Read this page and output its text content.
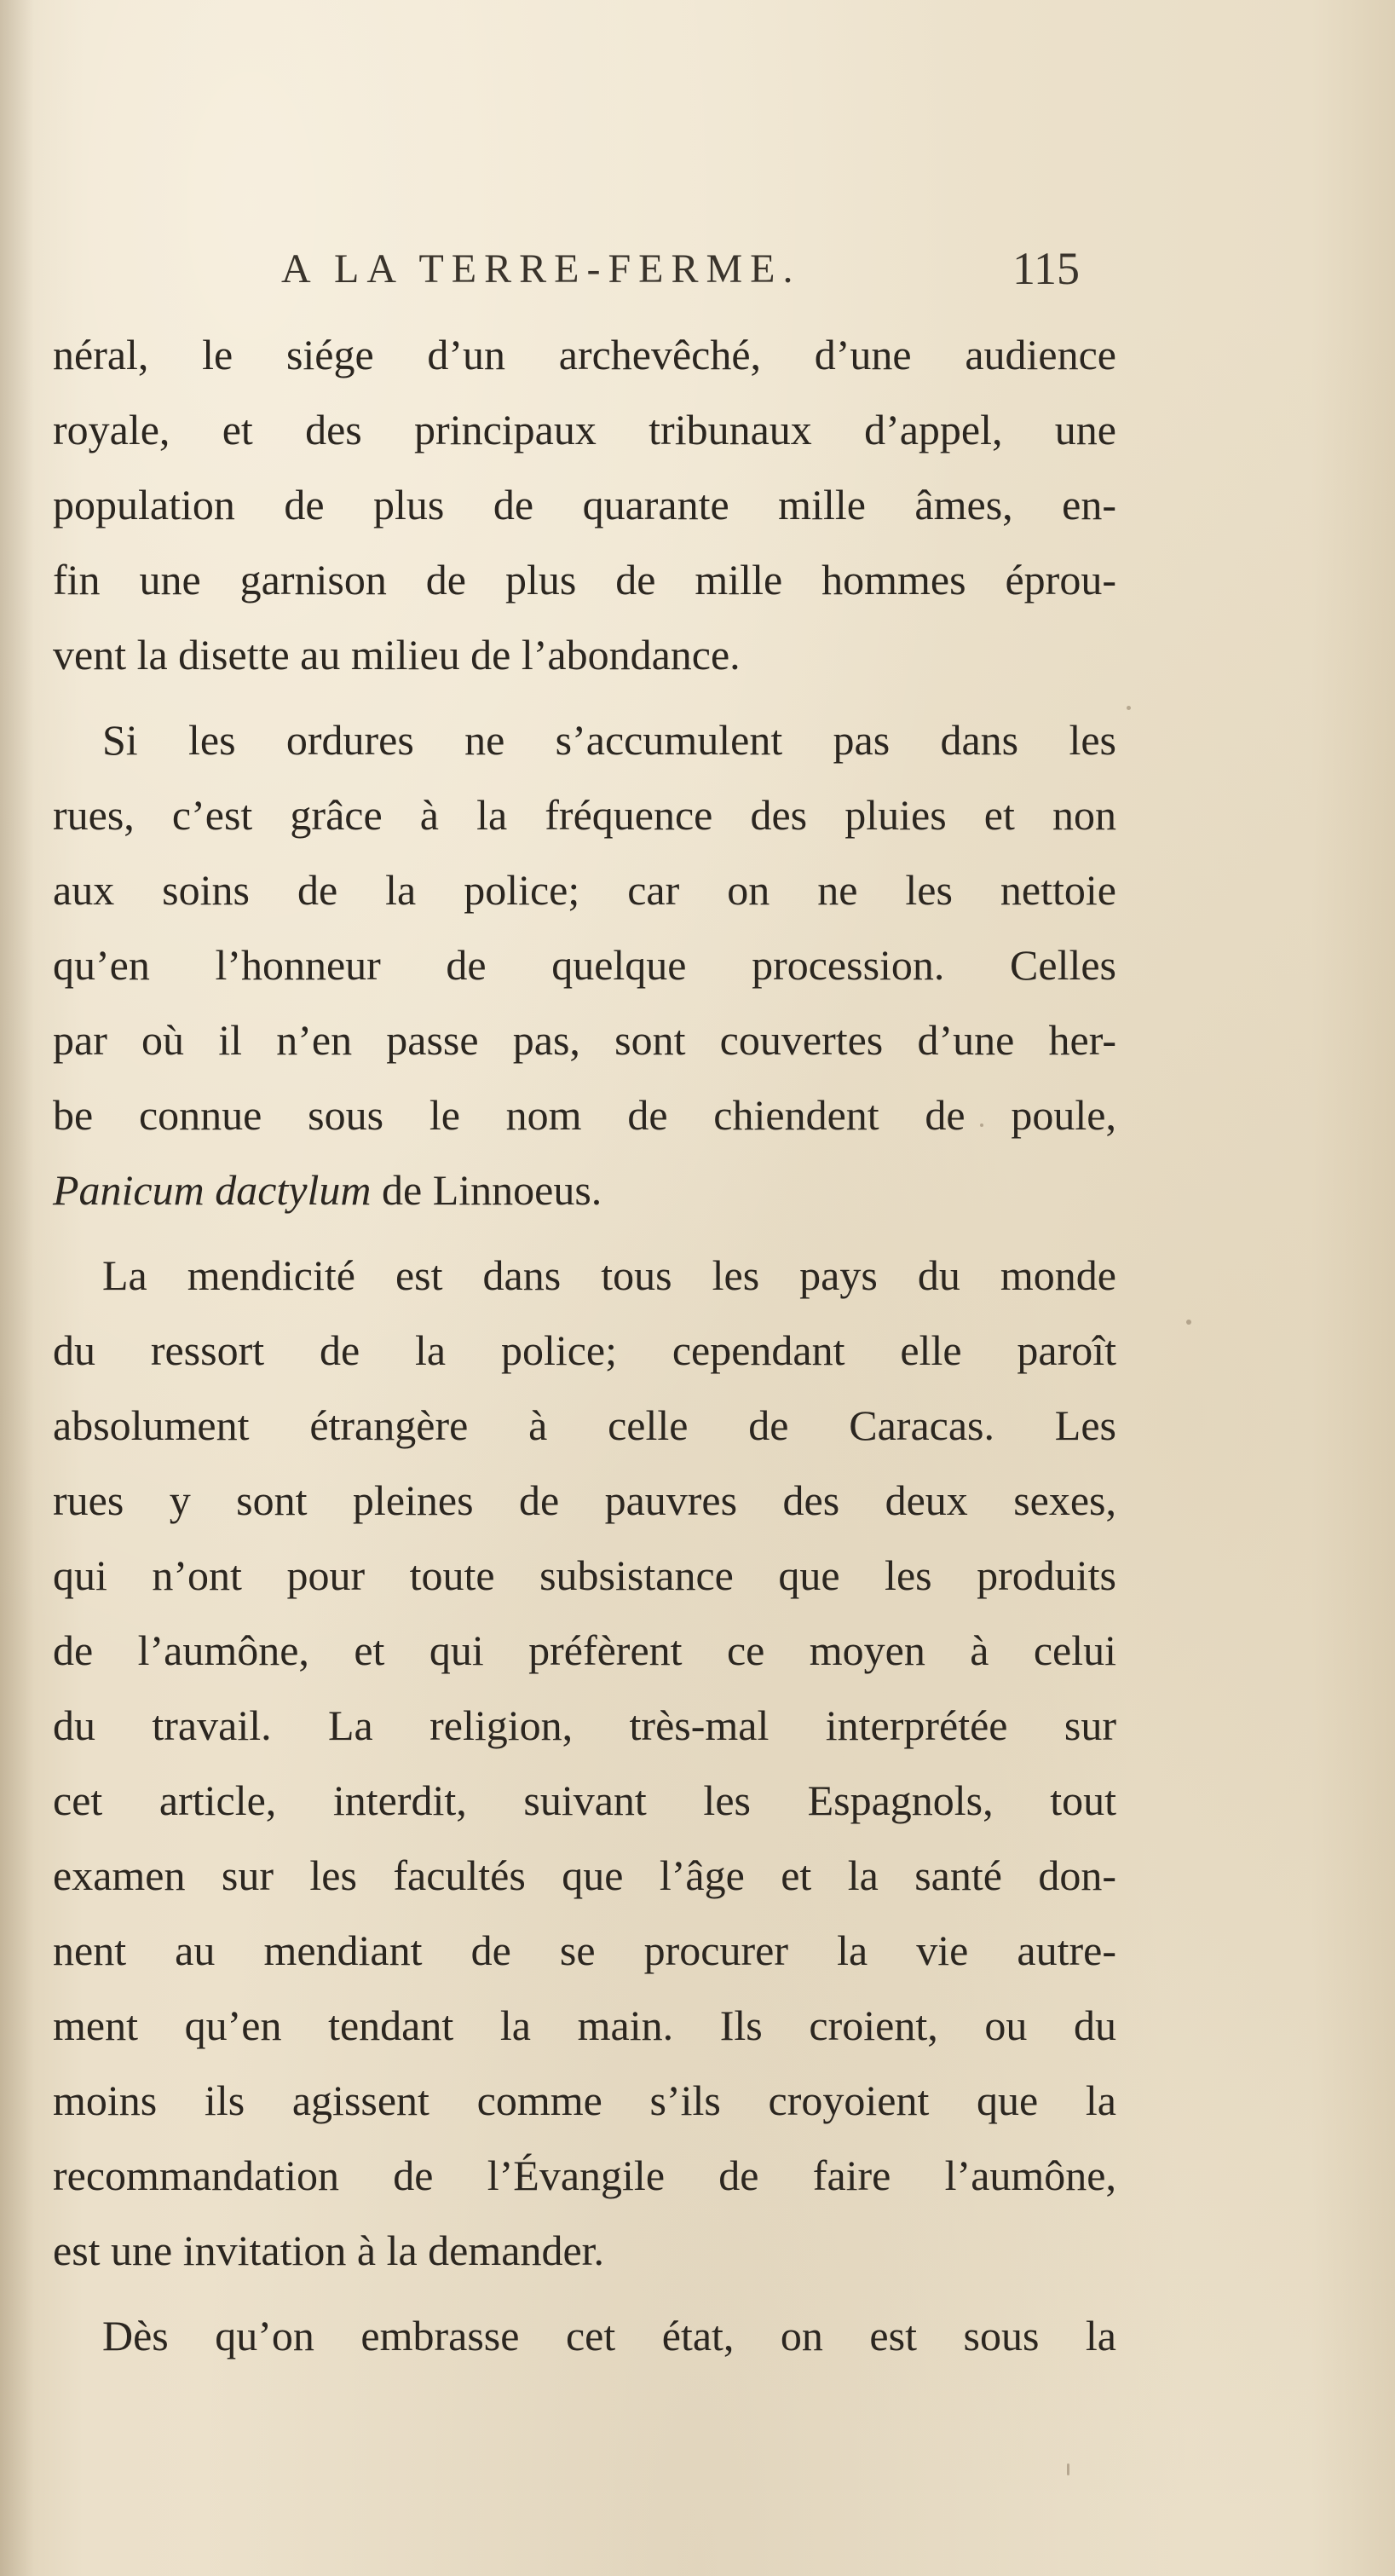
A LA TERRE-FERME.	115
néral, le siége d’un archevêché, d’une audience
royale, et des principaux tribunaux d’appel, une
population de plus de quarante mille âmes, en-
fin une garnison de plus de mille hommes éprou-
vent la disette au milieu de l’abondance.
Si les ordures ne s’accumulent pas dans les
rues, c’est grâce à la fréquence des pluies et non
aux soins de la police; car on ne les nettoie
qu’en l’honneur de quelque procession. Celles
par où il n’en passe pas, sont couvertes d’une her-
be connue sous le nom de chiendent de poule,
Panicum dactylum de Linnoeus.
La mendicité est dans tous les pays du monde
du ressort de la police; cependant elle paroît
absolument étrangère à celle de Caracas. Les
rues y sont pleines de pauvres des deux sexes,
qui n’ont pour toute subsistance que les produits
de l’aumône, et qui préfèrent ce moyen à celui
du travail. La religion, très-mal interprétée sur
cet article, interdit, suivant les Espagnols, tout
examen sur les facultés que l’âge et la santé don-
nent au mendiant de se procurer la vie autre-
ment qu’en tendant la main. Ils croient, ou du
moins ils agissent comme s’ils croyoient que la
recommandation de l’Évangile de faire l’aumône,
est une invitation à la demander.
Dès qu’on embrasse cet état, on est sous la
